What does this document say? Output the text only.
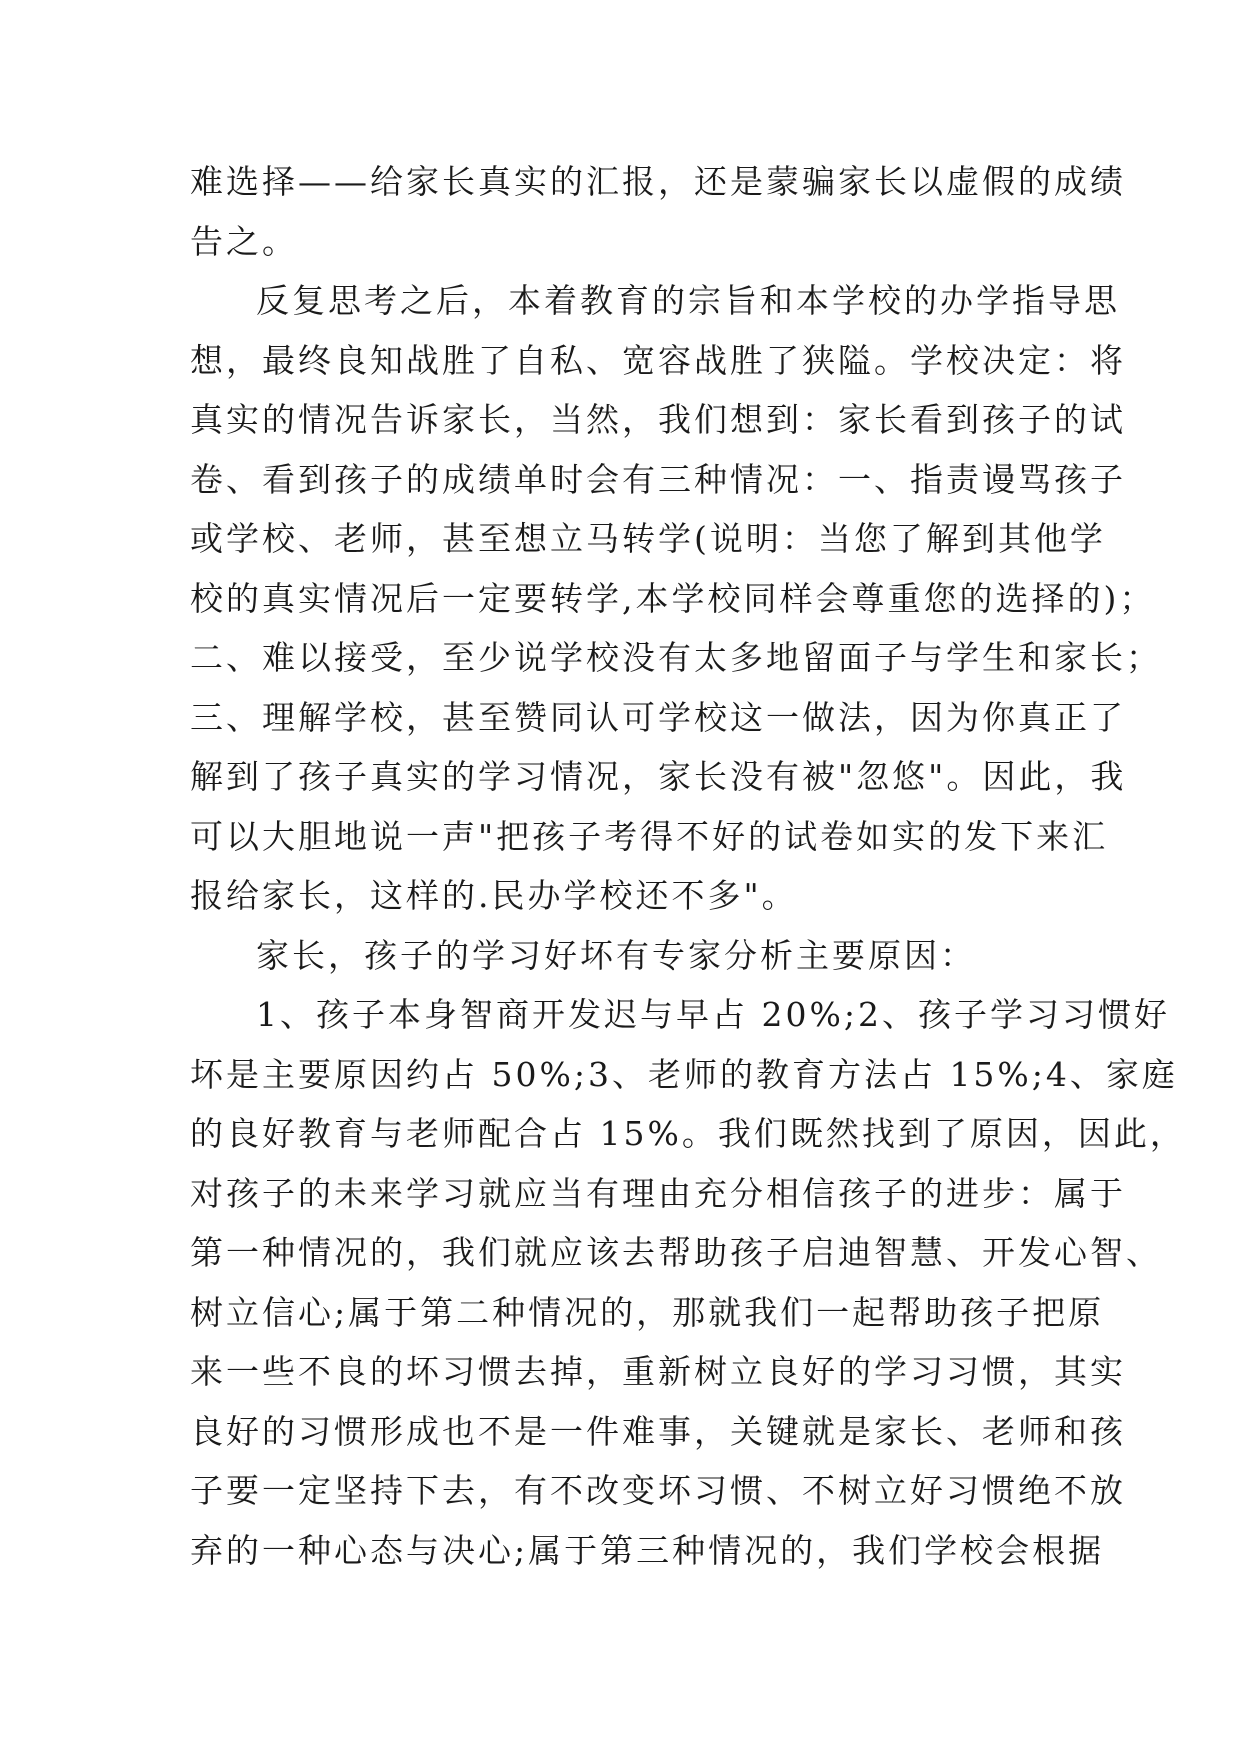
难选择——给家长真实的汇报，还是蒙骗家长以虚假的成绩
告之。
反复思考之后，本着教育的宗旨和本学校的办学指导思
想，最终良知战胜了自私、宽容战胜了狭隘。学校决定：将
真实的情况告诉家长，当然，我们想到：家长看到孩子的试
卷、看到孩子的成绩单时会有三种情况：一、指责谩骂孩子
或学校、老师，甚至想立马转学(说明：当您了解到其他学
校的真实情况后一定要转学,本学校同样会尊重您的选择的)；
二、难以接受，至少说学校没有太多地留面子与学生和家长；
三、理解学校，甚至赞同认可学校这一做法，因为你真正了
解到了孩子真实的学习情况，家长没有被"忽悠"。因此，我
可以大胆地说一声"把孩子考得不好的试卷如实的发下来汇
报给家长，这样的.民办学校还不多"。
家长，孩子的学习好坏有专家分析主要原因：
1、孩子本身智商开发迟与早占 20%;2、孩子学习习惯好
坏是主要原因约占 50%;3、老师的教育方法占 15%;4、家庭
的良好教育与老师配合占 15%。我们既然找到了原因，因此，
对孩子的未来学习就应当有理由充分相信孩子的进步：属于
第一种情况的，我们就应该去帮助孩子启迪智慧、开发心智、
树立信心;属于第二种情况的，那就我们一起帮助孩子把原
来一些不良的坏习惯去掉，重新树立良好的学习习惯，其实
良好的习惯形成也不是一件难事，关键就是家长、老师和孩
子要一定坚持下去，有不改变坏习惯、不树立好习惯绝不放
弃的一种心态与决心;属于第三种情况的，我们学校会根据
